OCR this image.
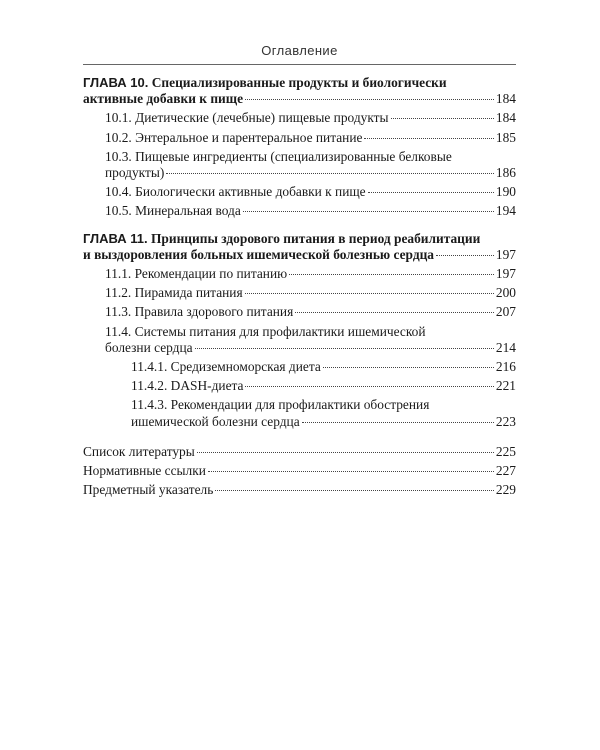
Оглавление
ГЛАВА 10. Специализированные продукты и биологически
активные добавки к пище	184
10.1. Диетические (лечебные) пищевые продукты	184
10.2. Энтеральное и парентеральное питание	185
10.3. Пищевые ингредиенты (специализированные белковые
продукты)	186
10.4. Биологически активные добавки к пище	190
10.5. Минеральная вода	194
ГЛАВА 11. Принципы здорового питания в период реабилитации
и выздоровления больных ишемической болезнью сердца	197
11.1. Рекомендации по питанию	197
11.2. Пирамида питания	200
11.3. Правила здорового питания	207
11.4. Системы питания для профилактики ишемической
болезни сердца	214
11.4.1. Средиземноморская диета	216
11.4.2. DASH-диета	221
11.4.3. Рекомендации для профилактики обострения
ишемической болезни сердца	223
Список литературы	225
Нормативные ссылки	227
Предметный указатель	229
